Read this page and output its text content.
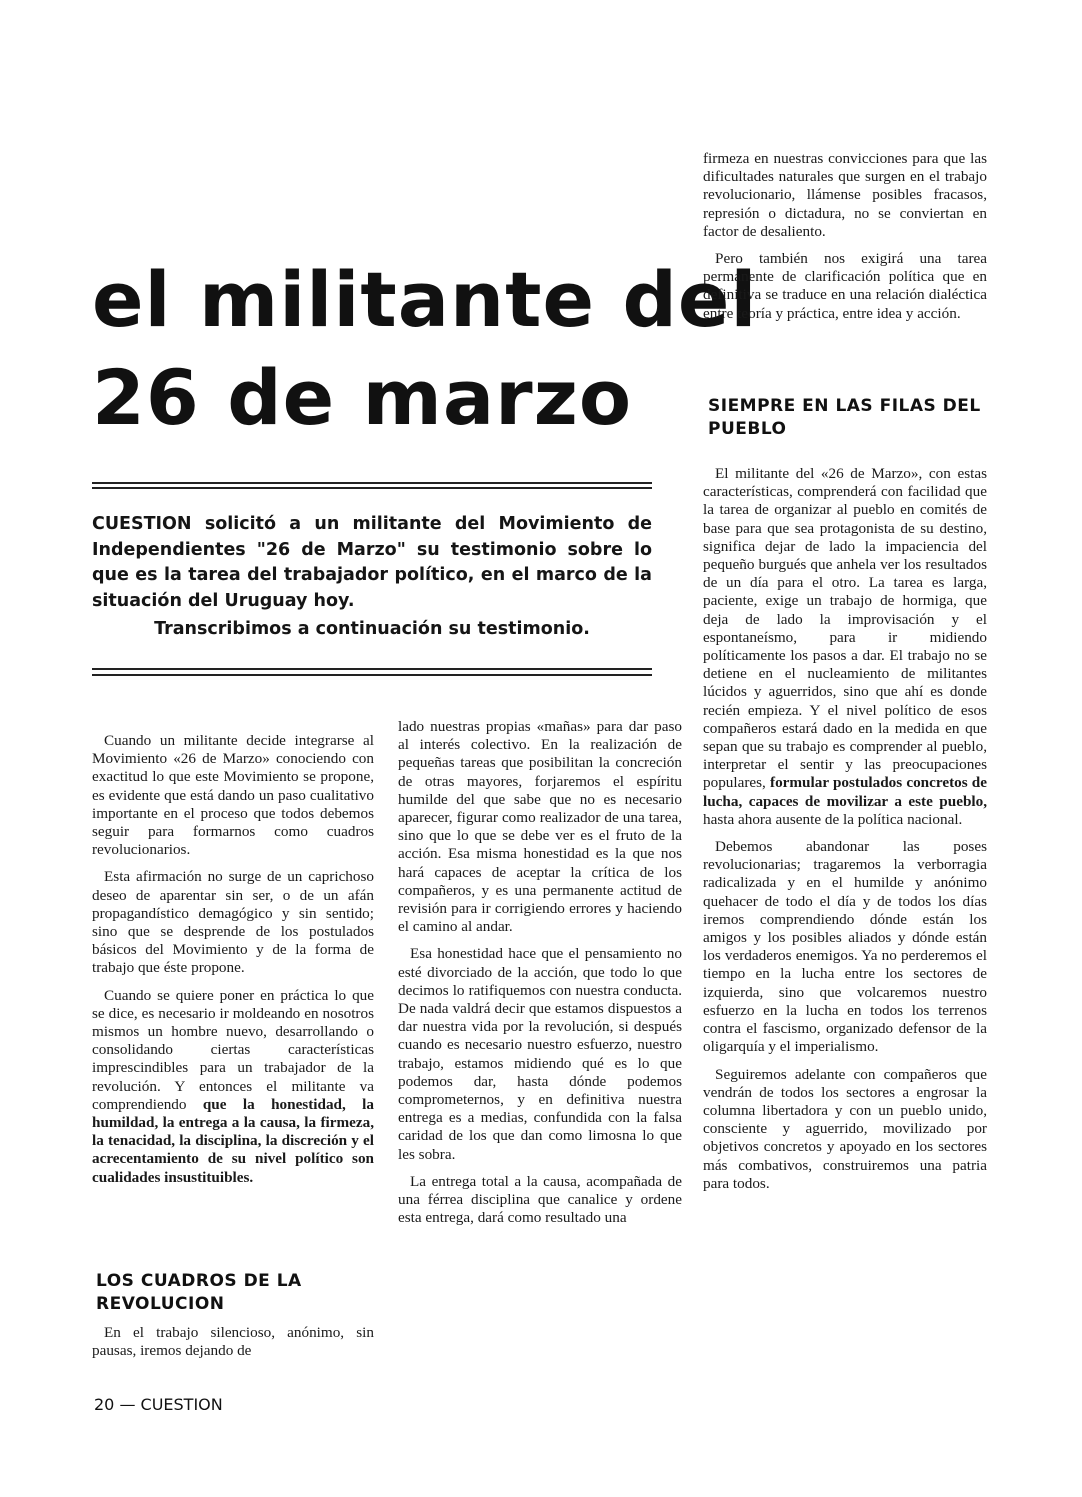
el militante del
26 de marzo

firmeza en nuestras convicciones para que las dificultades naturales que surgen en el trabajo revolucionario, llámense posibles fracasos, represión o dictadura, no se conviertan en factor de desaliento.

Pero también nos exigirá una tarea permanente de clarificación política que en definitiva se traduce en una relación dialéctica entre teoría y práctica, entre idea y acción.

SIEMPRE EN LAS FILAS DEL PUEBLO
CUESTION solicitó a un militante del Movimiento de Independientes "26 de Marzo" su testimonio sobre lo que es la tarea del trabajador político, en el marco de la situación del Uruguay hoy.
Transcribimos a continuación su testimonio.

Cuando un militante decide integrarse al Movimiento «26 de Marzo» conociendo con exactitud lo que este Movimiento se propone, es evidente que está dando un paso cualitativo importante en el proceso que todos debemos seguir para formarnos como cuadros revolucionarios.

Esta afirmación no surge de un caprichoso deseo de aparentar sin ser, o de un afán propagandístico demagógico y sin sentido; sino que se desprende de los postulados básicos del Movimiento y de la forma de trabajo que éste propone.

Cuando se quiere poner en práctica lo que se dice, es necesario ir moldeando en nosotros mismos un hombre nuevo, desarrollando o consolidando ciertas características imprescindibles para un trabajador de la revolución. Y entonces el militante va comprendiendo que la honestidad, la humildad, la entrega a la causa, la firmeza, la tenacidad, la disciplina, la discreción y el acrecentamiento de su nivel político son cualidades insustituibles.

LOS CUADROS DE LA REVOLUCION

En el trabajo silencioso, anónimo, sin pausas, iremos dejando de

lado nuestras propias «mañas» para dar paso al interés colectivo. En la realización de pequeñas tareas que posibilitan la concreción de otras mayores, forjaremos el espíritu humilde del que sabe que no es necesario aparecer, figurar como realizador de una tarea, sino que lo que se debe ver es el fruto de la acción. Esa misma honestidad es la que nos hará capaces de aceptar la crítica de los compañeros, y es una permanente actitud de revisión para ir corrigiendo errores y haciendo el camino al andar.

Esa honestidad hace que el pensamiento no esté divorciado de la acción, que todo lo que decimos lo ratifiquemos con nuestra conducta. De nada valdrá decir que estamos dispuestos a dar nuestra vida por la revolución, si después cuando es necesario nuestro esfuerzo, nuestro trabajo, estamos midiendo qué es lo que podemos dar, hasta dónde podemos comprometernos, y en definitiva nuestra entrega es a medias, confundida con la falsa caridad de los que dan como limosna lo que les sobra.

La entrega total a la causa, acompañada de una férrea disciplina que canalice y ordene esta entrega, dará como resultado una

El militante del «26 de Marzo», con estas características, comprenderá con facilidad que la tarea de organizar al pueblo en comités de base para que sea protagonista de su destino, significa dejar de lado la impaciencia del pequeño burgués que anhela ver los resultados de un día para el otro. La tarea es larga, paciente, exige un trabajo de hormiga, que deja de lado la improvisación y el espontaneísmo, para ir midiendo políticamente los pasos a dar. El trabajo no se detiene en el nucleamiento de militantes lúcidos y aguerridos, sino que ahí es donde recién empieza. Y el nivel político de esos compañeros estará dado en la medida en que sepan que su trabajo es comprender al pueblo, interpretar el sentir y las preocupaciones populares, formular postulados concretos de lucha, capaces de movilizar a este pueblo, hasta ahora ausente de la política nacional.

Debemos abandonar las poses revolucionarias; tragaremos la verborragia radicalizada y en el humilde y anónimo quehacer de todo el día y de todos los días iremos comprendiendo dónde están los amigos y los posibles aliados y dónde están los verdaderos enemigos. Ya no perderemos el tiempo en la lucha entre los sectores de izquierda, sino que volcaremos nuestro esfuerzo en la lucha en todos los terrenos contra el fascismo, organizado defensor de la oligarquía y el imperialismo.

Seguiremos adelante con compañeros que vendrán de todos los sectores a engrosar la columna libertadora y con un pueblo unido, consciente y aguerrido, movilizado por objetivos concretos y apoyado en los sectores más combativos, construiremos una patria para todos.

20 — CUESTION
